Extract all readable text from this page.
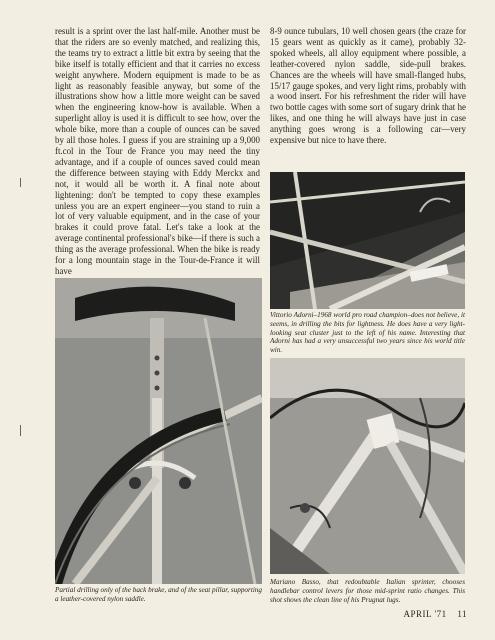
result is a sprint over the last half-mile. Another must be that the riders are so evenly matched, and realizing this, the teams try to extract a little bit extra by seeing that the bike itself is totally efficient and that it carries no excess weight anywhere. Modern equipment is made to be as light as reasonably feasible anyway, but some of the illustrations show how a little more weight can be saved when the engineering know-how is available. When a superlight alloy is used it is difficult to see how, over the whole bike, more than a couple of ounces can be saved by all those holes. I guess if you are straining up a 9,000 ft.col in the Tour de France you may need the tiny advantage, and if a couple of ounces saved could mean the difference between staying with Eddy Merckx and not, it would all be worth it. A final note about lightening: don't be tempted to copy these examples unless you are an expert engineer—you stand to ruin a lot of very valuable equipment, and in the case of your brakes it could prove fatal. Let's take a look at the average continental professional's bike—if there is such a thing as the average professional. When the bike is ready for a long mountain stage in the Tour-de-France it will have

8-9 ounce tubulars, 10 well chosen gears (the craze for 15 gears went as quickly as it came), probably 32-spoked wheels, all alloy equipment where possible, a leather-covered nylon saddle, side-pull brakes. Chances are the wheels will have small-flanged hubs, 15/17 gauge spokes, and very light rims, probably with a wood insert. For his refreshment the rider will have two bottle cages with some sort of sugary drink that he likes, and one thing he will always have just in case anything goes wrong is a following car—very expensive but nice to have there.

Vittorio Adorni–1968 world pro road champion–does not believe, it seems, in drilling the bits for lightness. He does have a very light-looking seat cluster just to the left of his name. Interesting that Adorni has had a very unsuccessful two years since his world title win.

Partial drilling only of the back brake, and of the seat pillar, supporting a leather-covered nylon saddle.

Mariano Basso, that redoubtable Italian sprinter, chooses handlebar control levers for those mid-sprint ratio changes. This shot shows the clean line of his Prugnat lugs.

APRIL '71 11
